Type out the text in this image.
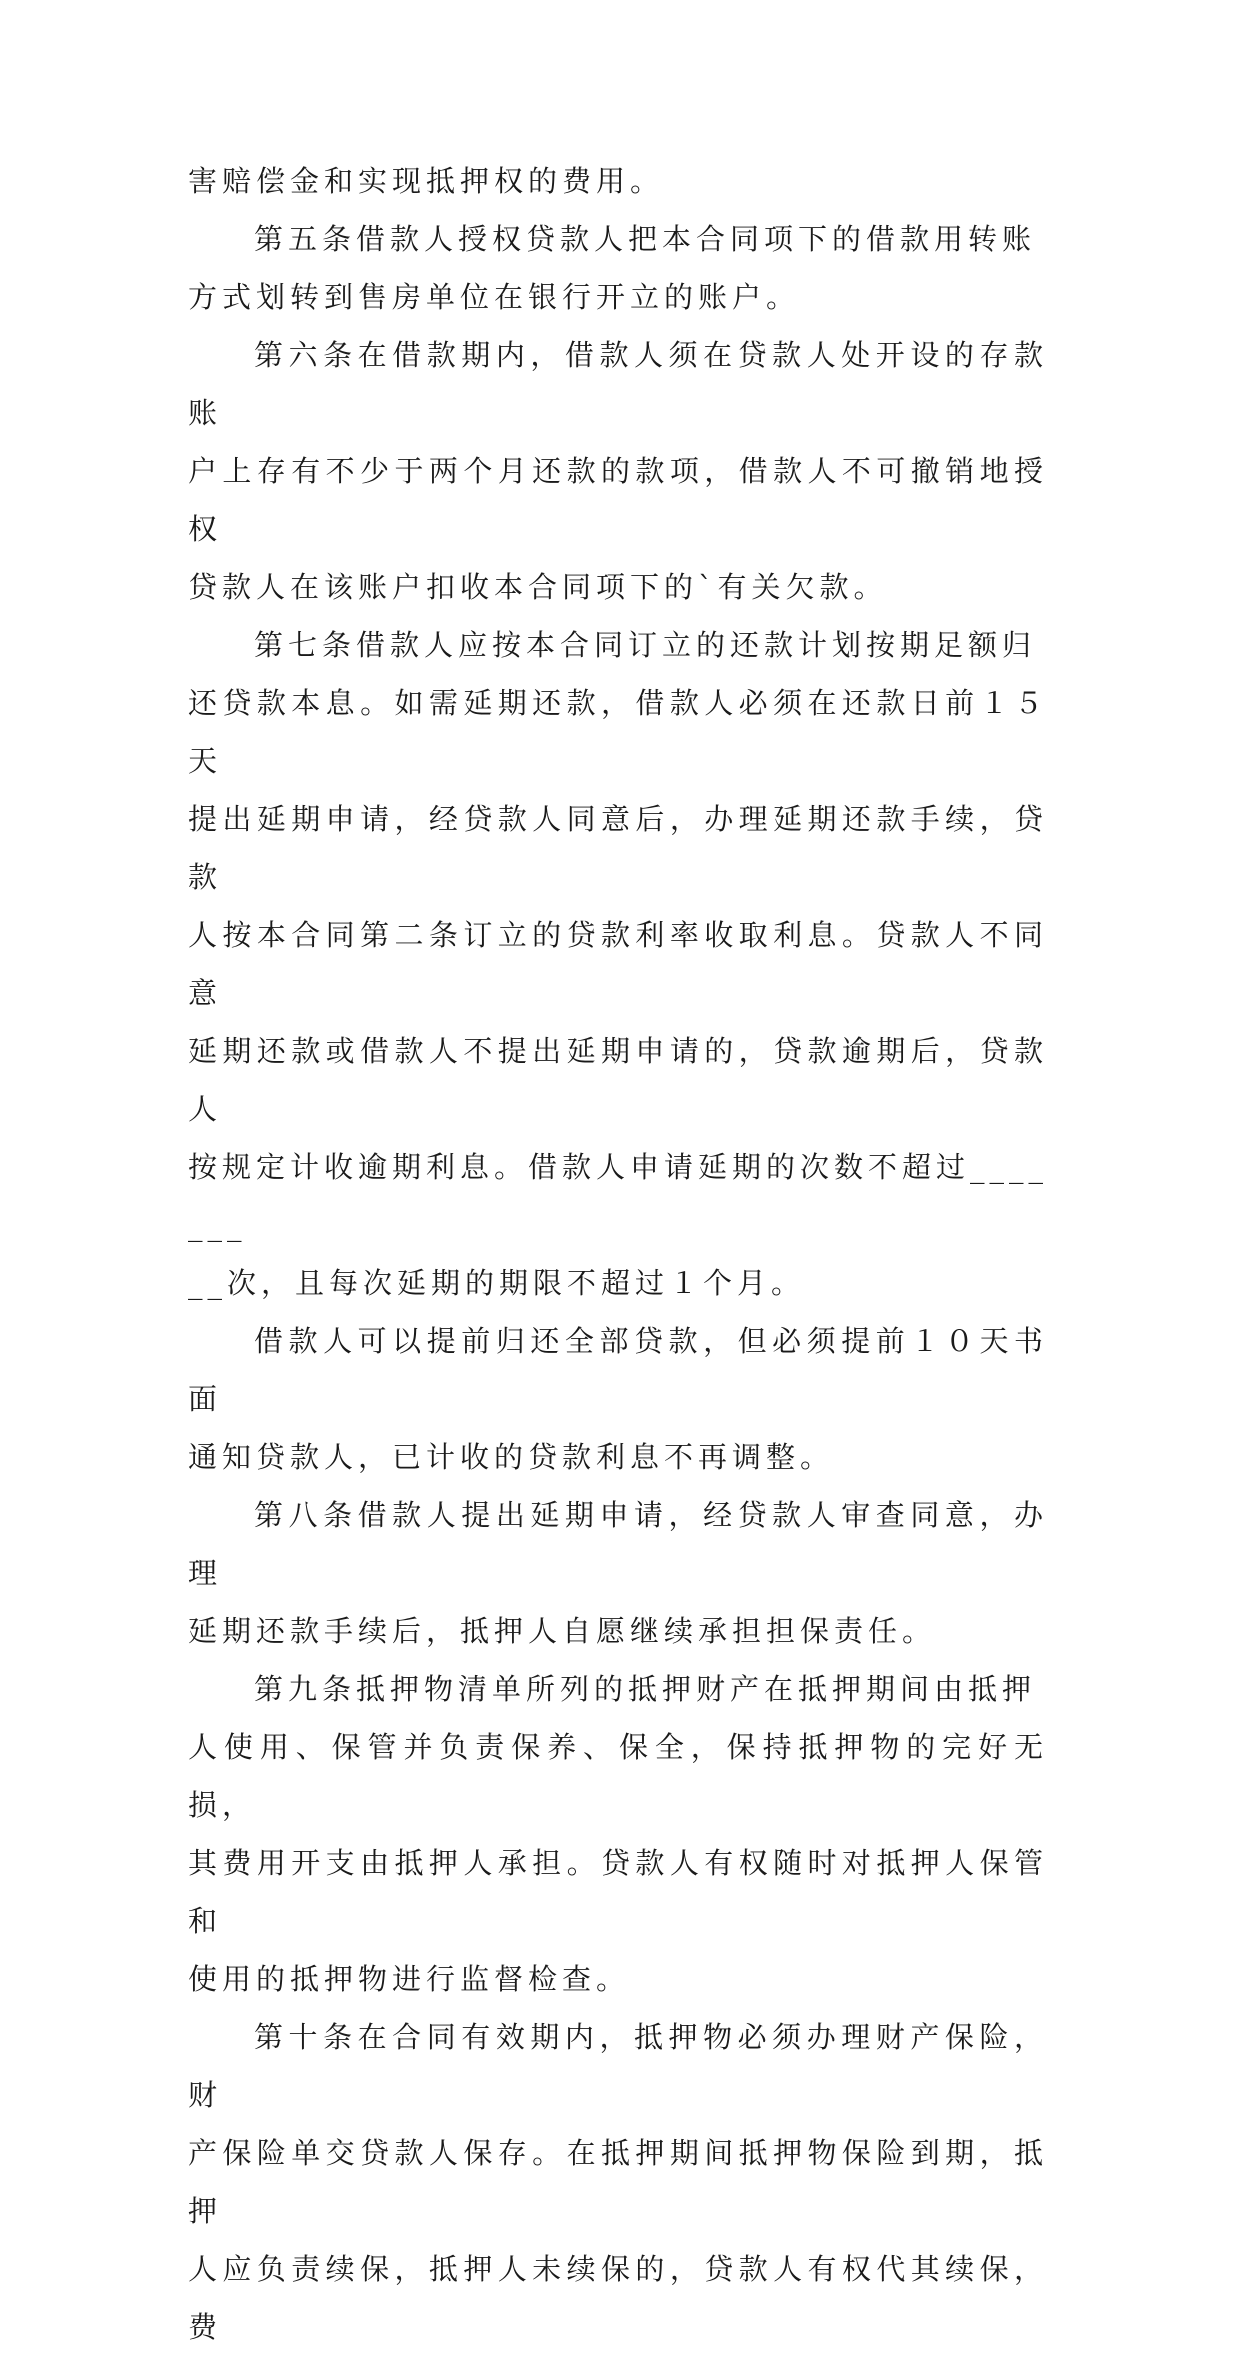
害赔偿金和实现抵押权的费用。

第五条借款人授权贷款人把本合同项下的借款用转账
方式划转到售房单位在银行开立的账户。

第六条在借款期内，借款人须在贷款人处开设的存款账
户上存有不少于两个月还款的款项，借款人不可撤销地授权
贷款人在该账户扣收本合同项下的`有关欠款。

第七条借款人应按本合同订立的还款计划按期足额归
还贷款本息。如需延期还款，借款人必须在还款日前１５天
提出延期申请，经贷款人同意后，办理延期还款手续，贷款
人按本合同第二条订立的贷款利率收取利息。贷款人不同意
延期还款或借款人不提出延期申请的，贷款逾期后，贷款人
按规定计收逾期利息。借款人申请延期的次数不超过_______
__次，且每次延期的期限不超过１个月。

借款人可以提前归还全部贷款，但必须提前１０天书面
通知贷款人，已计收的贷款利息不再调整。

第八条借款人提出延期申请，经贷款人审查同意，办理
延期还款手续后，抵押人自愿继续承担担保责任。

第九条抵押物清单所列的抵押财产在抵押期间由抵押
人使用、保管并负责保养、保全，保持抵押物的完好无损，
其费用开支由抵押人承担。贷款人有权随时对抵押人保管和
使用的抵押物进行监督检查。

第十条在合同有效期内，抵押物必须办理财产保险，财
产保险单交贷款人保存。在抵押期间抵押物保险到期，抵押
人应负责续保，抵押人未续保的，贷款人有权代其续保，费
